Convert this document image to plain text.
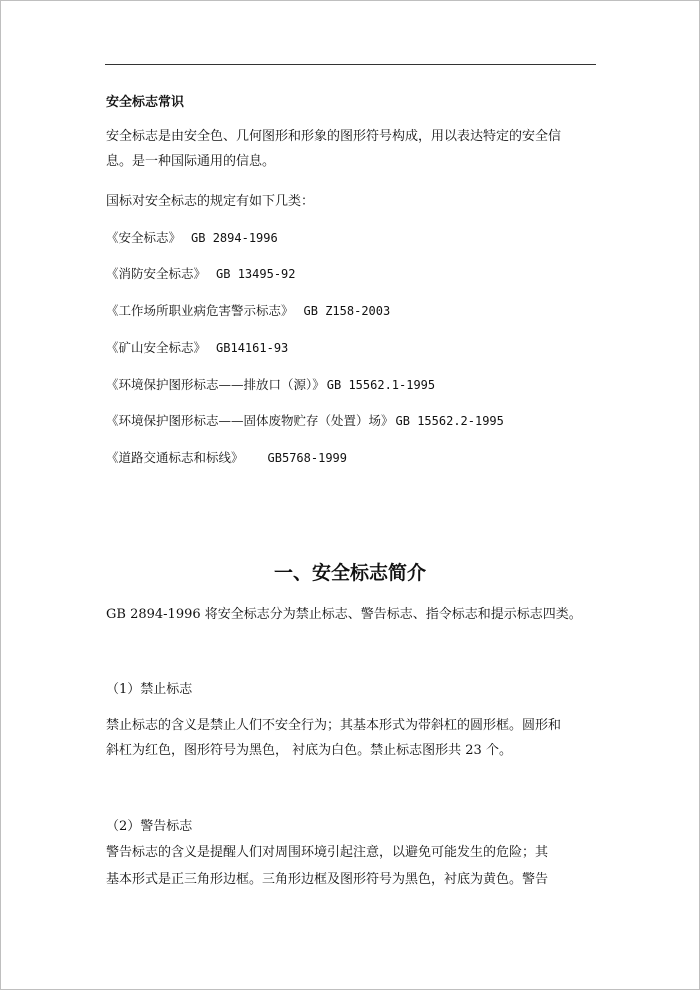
安全标志常识
安全标志是由安全色、几何图形和形象的图形符号构成，用以表达特定的安全信
息。是一种国际通用的信息。
国标对安全标志的规定有如下几类：
《安全标志》 GB 2894-1996
《消防安全标志》 GB 13495-92
《工作场所职业病危害警示标志》 GB Z158-2003
《矿山安全标志》 GB14161-93
《环境保护图形标志——排放口（源）》 GB 15562.1-1995
《环境保护图形标志——固体废物贮存（处置）场》 GB 15562.2-1995
《道路交通标志和标线》 GB5768-1999
一、安全标志简介
GB 2894-1996 将安全标志分为禁止标志、警告标志、指令标志和提示标志四类。
（1）禁止标志
禁止标志的含义是禁止人们不安全行为；其基本形式为带斜杠的圆形框。圆形和
斜杠为红色，图形符号为黑色， 衬底为白色。禁止标志图形共 23 个。
（2）警告标志
警告标志的含义是提醒人们对周围环境引起注意，以避免可能发生的危险；其
基本形式是正三角形边框。三角形边框及图形符号为黑色，衬底为黄色。警告
